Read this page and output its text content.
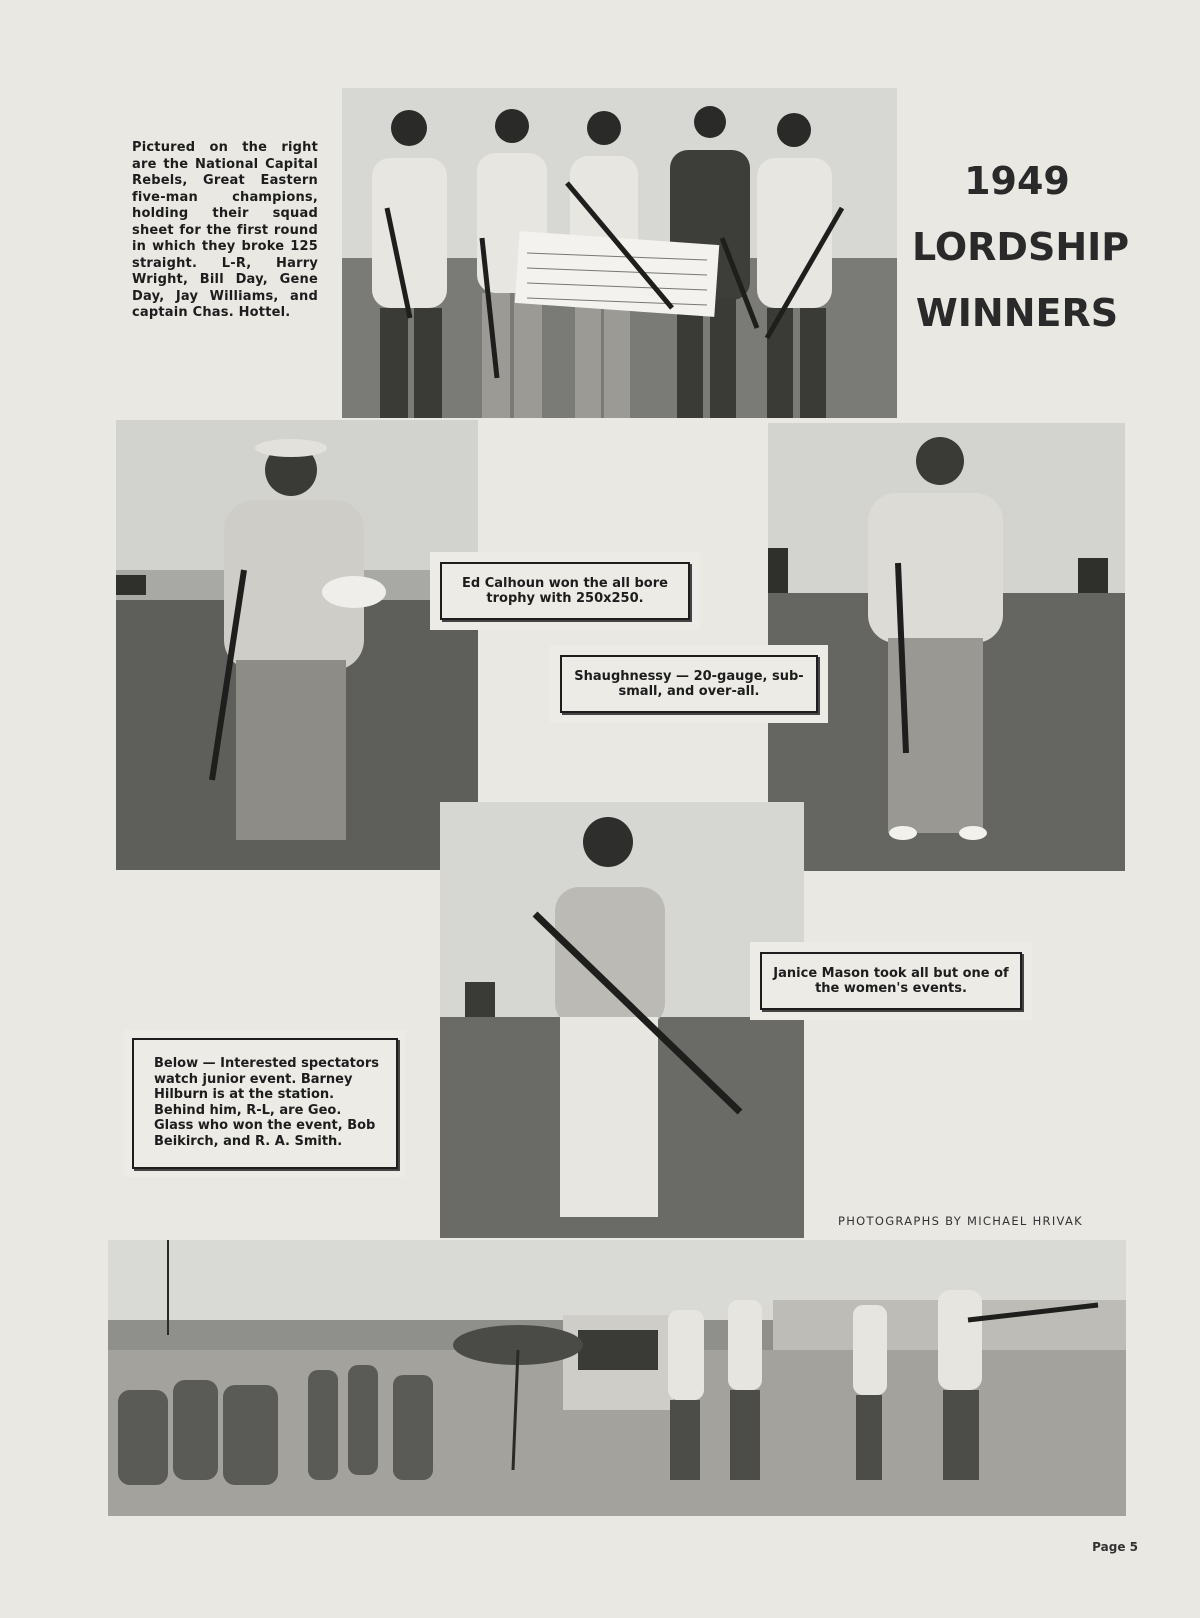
Pictured on the right are the National Capital Rebels, Great Eastern five-man champions, holding their squad sheet for the first round in which they broke 125 straight. L-R, Harry Wright, Bill Day, Gene Day, Jay Williams, and captain Chas. Hottel.
1949
LORDSHIP
WINNERS
Ed Calhoun won the all bore trophy with 250x250.
Shaughnessy — 20-gauge, sub-small, and over-all.
Janice Mason took all but one of the women's events.
Below — Interested spectators watch junior event. Barney Hilburn is at the station. Behind him, R-L, are Geo. Glass who won the event, Bob Beikirch, and R. A. Smith.
PHOTOGRAPHS BY MICHAEL HRIVAK
Page 5
